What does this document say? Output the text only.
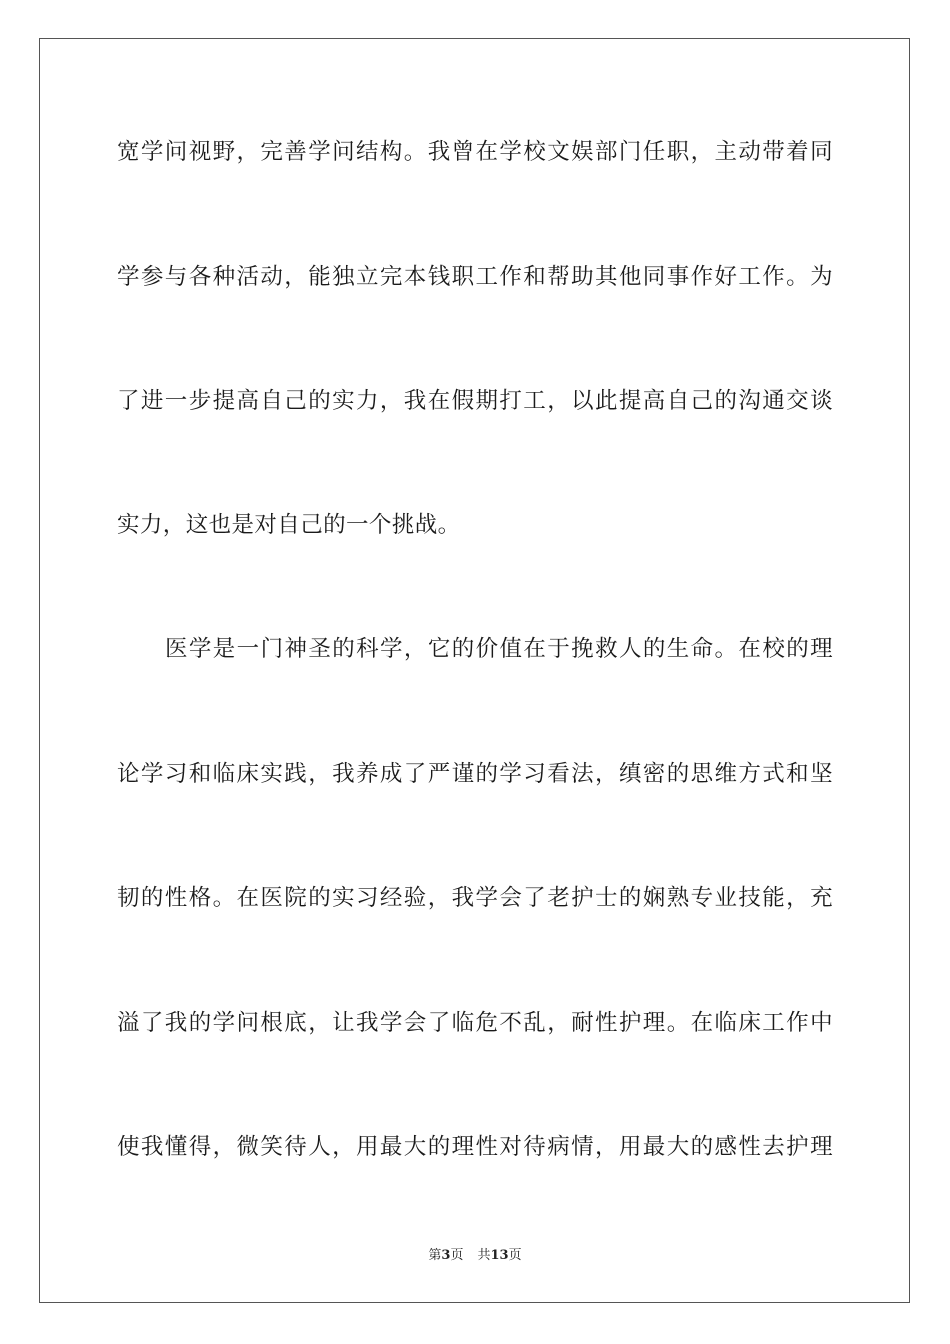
宽学问视野，完善学问结构。我曾在学校文娱部门任职，主动带着同
学参与各种活动，能独立完本钱职工作和帮助其他同事作好工作。为
了进一步提高自己的实力，我在假期打工，以此提高自己的沟通交谈
实力，这也是对自己的一个挑战。
医学是一门神圣的科学，它的价值在于挽救人的生命。在校的理
论学习和临床实践，我养成了严谨的学习看法，缜密的思维方式和坚
韧的性格。在医院的实习经验，我学会了老护士的娴熟专业技能，充
溢了我的学问根底，让我学会了临危不乱，耐性护理。在临床工作中
使我懂得，微笑待人，用最大的理性对待病情，用最大的感性去护理
第3页 共13页
